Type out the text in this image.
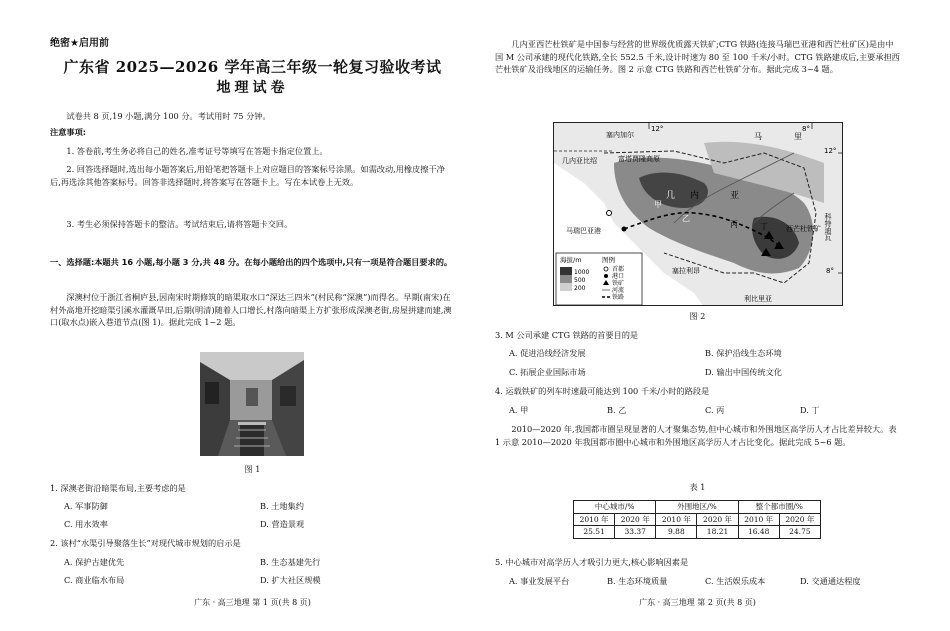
绝密★启用前
广东省 2025—2026 学年高三年级一轮复习验收考试
地理试卷
试卷共 8 页,19 小题,满分 100 分。考试用时 75 分钟。
注意事项:
1. 答卷前,考生务必将自己的姓名,准考证号等填写在答题卡指定位置上。
2. 回答选择题时,选出每小题答案后,用铅笔把答题卡上对应题目的答案标号涂黑。如需改动,用橡皮擦干净后,再选涂其他答案标号。回答非选择题时,将答案写在答题卡上。写在本试卷上无效。
3. 考生必须保持答题卡的整洁。考试结束后,请将答题卡交回。
一、选择题:本题共 16 小题,每小题 3 分,共 48 分。在每小题给出的四个选项中,只有一项是符合题目要求的。
深澳村位于浙江省桐庐县,因南宋时期修筑的暗渠取水口“深达三四米”(村民称“深澳”)而得名。早期(南宋)在村外高地开挖暗渠引溪水灌溉旱田,后期(明清)随着人口增长,村落向暗渠上方扩张形成深澳老街,房屋拼建而建,澳口(取水点)嵌入巷道节点(图 1)。据此完成 1~2 题。
图 1
1. 深澳老街沿暗渠布局,主要考虑的是
A. 军事防御	B. 土地集约
C. 用水效率	D. 营造景观
2. 该村“水渠引导聚落生长”对现代城市规划的启示是
A. 保护古建优先	B. 生态基建先行
C. 商业临水布局	D. 扩大社区规模
广东 · 高三地理 第 1 页(共 8 页)
几内亚西芒杜铁矿是中国参与经营的世界级优质露天铁矿;CTG 铁路(连接马瑞巴亚港和西芒杜矿区)是由中国 M 公司承建的现代化铁路,全长 552.5 千米,设计时速为 80 至 100 千米/小时。CTG 铁路建成后,主要承担西芒杜铁矿及沿线地区的运输任务。图 2 示意 CTG 铁路和西芒杜铁矿分布。据此完成 3~4 题。
12°	8°
12°
8°
塞内加尔	马	里
几内亚比绍	富塔贾隆高原
几 内	亚
科特迪瓦
塞拉利昂
利比里亚
马瑞巴亚港	西芒杜铁矿
甲
乙
丙	丁
海拔/m
1000
500
200
图例
首都
港口
铁矿
河流
铁路
图 2
3. M 公司承建 CTG 铁路的首要目的是
A. 促进沿线经济发展	B. 保护沿线生态环境
C. 拓展企业国际市场	D. 输出中国传统文化
4. 运载铁矿的列车时速最可能达到 100 千米/小时的路段是
A. 甲	B. 乙	C. 丙	D. 丁
2010—2020 年,我国都市圈呈现显著的人才聚集态势,但中心城市和外围地区高学历人才占比差异较大。表 1 示意 2010—2020 年我国都市圈中心城市和外围地区高学历人才占比变化。据此完成 5~6 题。
表 1
中心城市/%		外围地区/%		整个都市圈/%	
2010 年	2020 年	2010 年	2020 年	2010 年	2020 年
25.51	33.37	9.88	18.21	16.48	24.75
5. 中心城市对高学历人才吸引力更大,核心影响因素是
A. 事业发展平台	B. 生态环境质量	C. 生活娱乐成本	D. 交通通达程度
广东 · 高三地理 第 2 页(共 8 页)
